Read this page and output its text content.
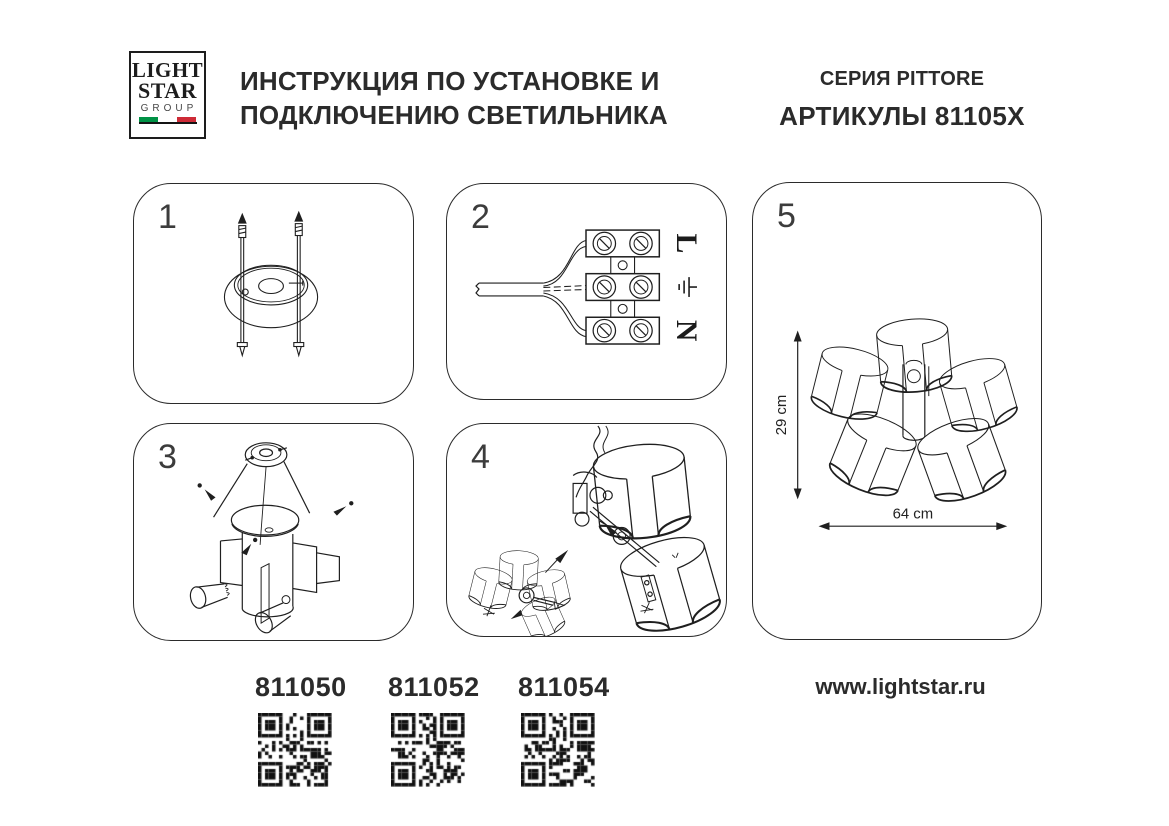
LIGHT
STAR
GROUP
ИНСТРУКЦИЯ ПО УСТАНОВКЕ И
ПОДКЛЮЧЕНИЮ СВЕТИЛЬНИКА
СЕРИЯ PITTORE
АРТИКУЛЫ 81105X
1	2
L
N
3	4
5
29 cm
64 cm
811050 811052 811054	www.lightstar.ru
